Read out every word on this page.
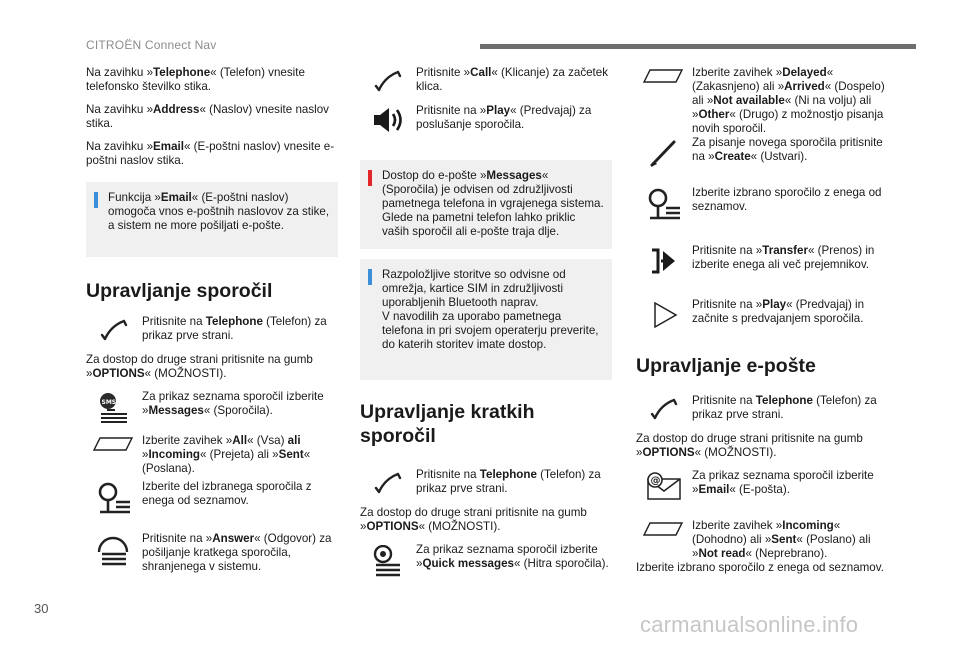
CITROËN Connect Nav

Na zavihku »Telephone« (Telefon) vnesite telefonsko številko stika.

Na zavihku »Address« (Naslov) vnesite naslov stika.

Na zavihku »Email« (E-poštni naslov) vnesite e-poštni naslov stika.

Funkcija »Email« (E-poštni naslov) omogoča vnos e-poštnih naslovov za stike, a sistem ne more pošiljati e-pošte.
Upravljanje sporočil
Pritisnite na Telephone (Telefon) za prikaz prve strani.

Za dostop do druge strani pritisnite na gumb »OPTIONS« (MOŽNOSTI).

SMS Za prikaz seznama sporočil izberite »Messages« (Sporočila).
Izberite zavihek »All« (Vsa) ali
»Incoming« (Prejeta) ali »Sent« (Poslana).
Izberite del izbranega sporočila z enega od seznamov.
Pritisnite na »Answer« (Odgovor) za pošiljanje kratkega sporočila, shranjenega v sistemu.
Pritisnite »Call« (Klicanje) za začetek klica.
Pritisnite na »Play« (Predvajaj) za poslušanje sporočila.
Dostop do e-pošte »Messages« (Sporočila) je odvisen od združljivosti pametnega telefona in vgrajenega sistema.
Glede na pametni telefon lahko priklic vaših sporočil ali e-pošte traja dlje.
Razpoložljive storitve so odvisne od omrežja, kartice SIM in združljivosti uporabljenih Bluetooth naprav.
V navodilih za uporabo pametnega telefona in pri svojem operaterju preverite, do katerih storitev imate dostop.
Upravljanje kratkih sporočil
Pritisnite na Telephone (Telefon) za prikaz prve strani.

Za dostop do druge strani pritisnite na gumb »OPTIONS« (MOŽNOSTI).

Za prikaz seznama sporočil izberite »Quick messages« (Hitra sporočila).
Izberite zavihek »Delayed« (Zakasnjeno) ali »Arrived« (Dospelo) ali »Not available« (Ni na volju) ali »Other« (Drugo) z možnostjo pisanja novih sporočil.
Za pisanje novega sporočila pritisnite na »Create« (Ustvari).
Izberite izbrano sporočilo z enega od seznamov.
Pritisnite na »Transfer« (Prenos) in izberite enega ali več prejemnikov.
Pritisnite na »Play« (Predvajaj) in začnite s predvajanjem sporočila.
Upravljanje e-pošte
Pritisnite na Telephone (Telefon) za prikaz prve strani.

Za dostop do druge strani pritisnite na gumb »OPTIONS« (MOŽNOSTI).

@	Za prikaz seznama sporočil izberite »Email« (E-pošta).
Izberite zavihek »Incoming« (Dohodno) ali »Sent« (Poslano) ali »Not read« (Neprebrano).
Izberite izbrano sporočilo z enega od seznamov.
30
carmanualsonline.info
